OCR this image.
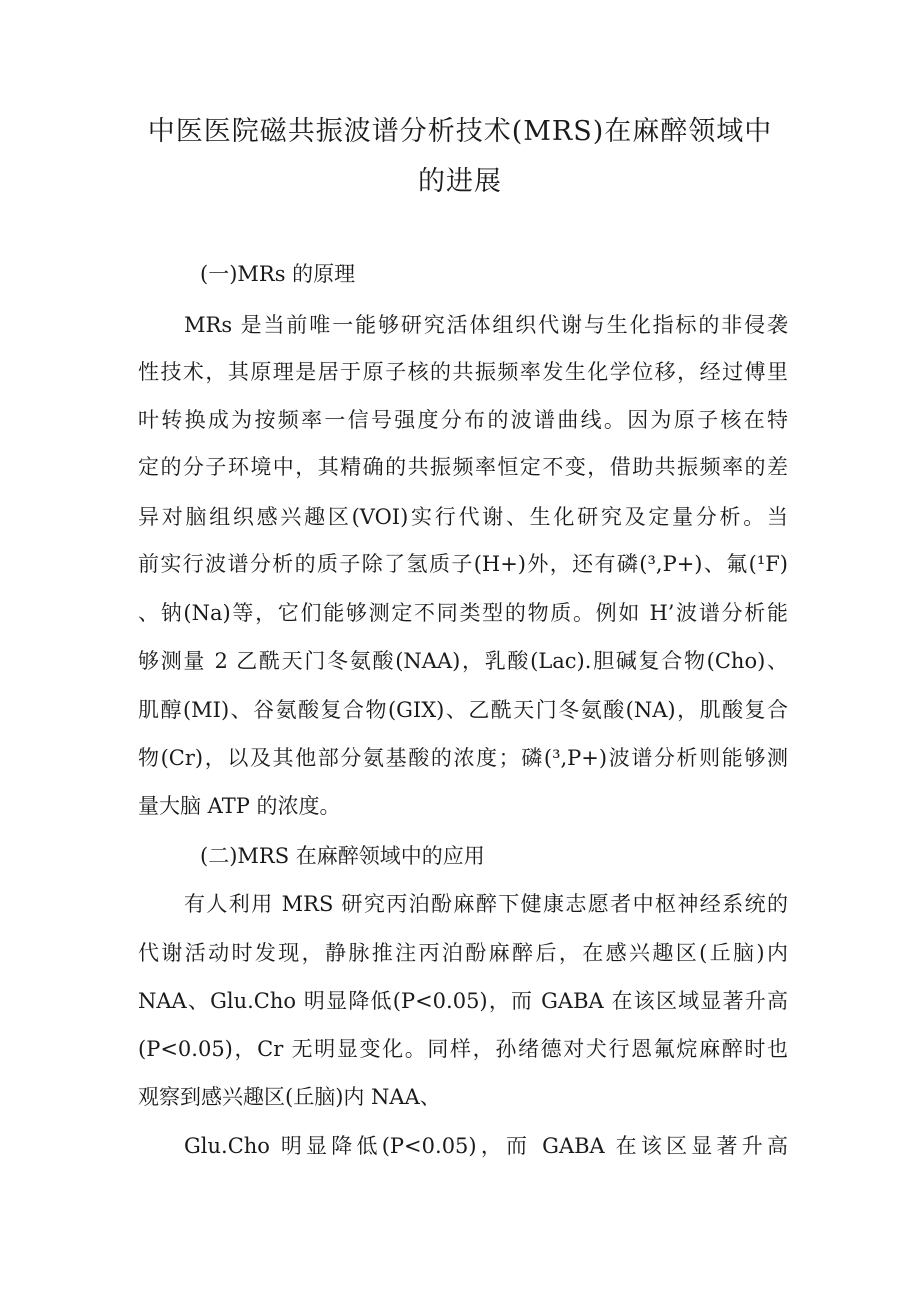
中医医院磁共振波谱分析技术(MRS)在麻醉领域中
的进展
(一)MRs 的原理
MRs 是当前唯一能够研究活体组织代谢与生化指标的非侵袭
性技术，其原理是居于原子核的共振频率发生化学位移，经过傅里
叶转换成为按频率一信号强度分布的波谱曲线。因为原子核在特
定的分子环境中，其精确的共振频率恒定不变，借助共振频率的差
异对脑组织感兴趣区(VOI)实行代谢、生化研究及定量分析。当
前实行波谱分析的质子除了氢质子(H+)外，还有磷(³,P+)、氟(¹F)
、钠(Na)等，它们能够测定不同类型的物质。例如 H’波谱分析能
够测量 2 乙酰天门冬氨酸(NAA)，乳酸(Lac).胆碱复合物(Cho)、
肌醇(MI)、谷氨酸复合物(GIX)、乙酰天门冬氨酸(NA)，肌酸复合
物(Cr)，以及其他部分氨基酸的浓度；磷(³,P+)波谱分析则能够测
量大脑 ATP 的浓度。
(二)MRS 在麻醉领域中的应用
有人利用 MRS 研究丙泊酚麻醉下健康志愿者中枢神经系统的
代谢活动时发现，静脉推注丙泊酚麻醉后，在感兴趣区(丘脑)内
NAA、Glu.Cho 明显降低(P<0.05)，而 GABA 在该区域显著升高
(P<0.05)，Cr 无明显变化。同样，孙绪德对犬行恩氟烷麻醉时也
观察到感兴趣区(丘脑)内 NAA、
Glu.Cho 明显降低(P<0.05)，而 GABA 在该区显著升高
